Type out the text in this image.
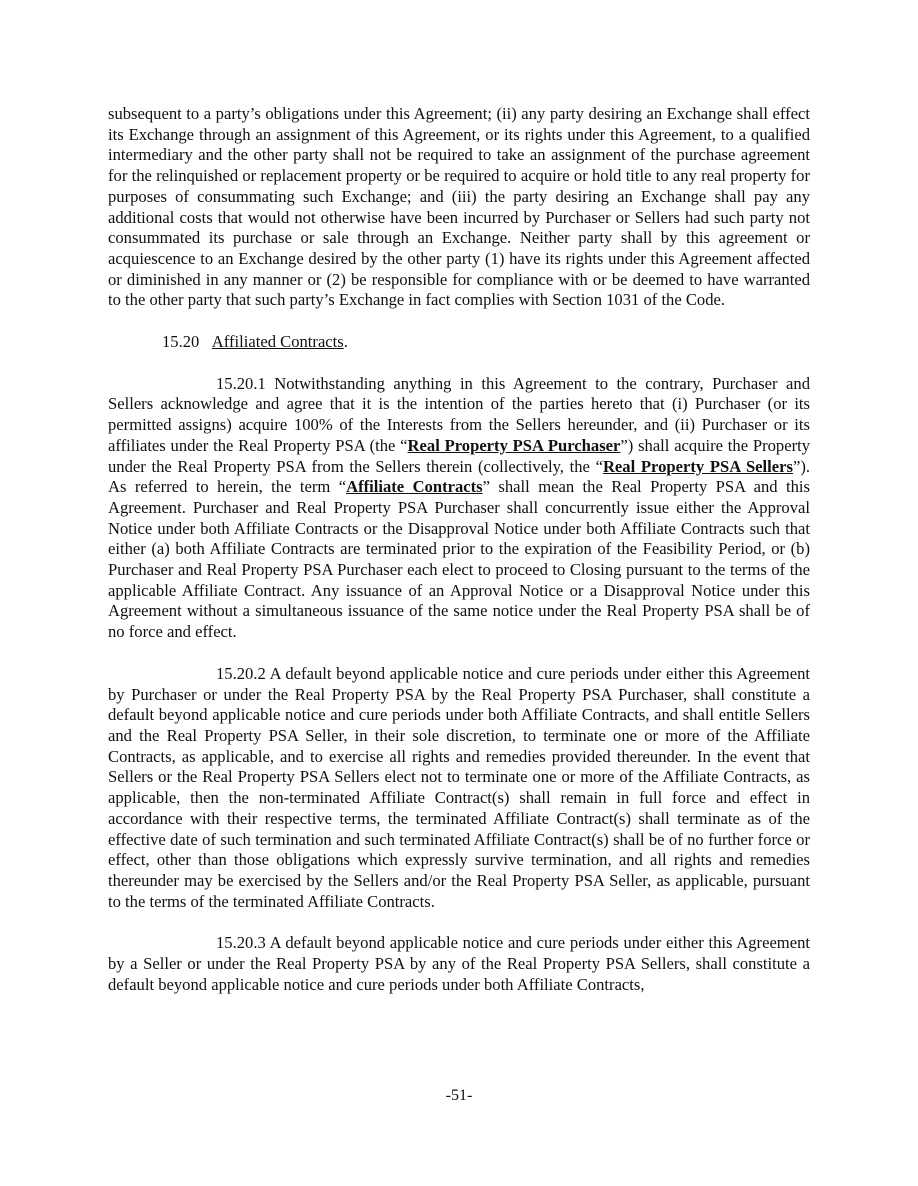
subsequent to a party’s obligations under this Agreement; (ii) any party desiring an Exchange shall effect its Exchange through an assignment of this Agreement, or its rights under this Agreement, to a qualified intermediary and the other party shall not be required to take an assignment of the purchase agreement for the relinquished or replacement property or be required to acquire or hold title to any real property for purposes of consummating such Exchange; and (iii) the party desiring an Exchange shall pay any additional costs that would not otherwise have been incurred by Purchaser or Sellers had such party not consummated its purchase or sale through an Exchange. Neither party shall by this agreement or acquiescence to an Exchange desired by the other party (1) have its rights under this Agreement affected or diminished in any manner or (2) be responsible for compliance with or be deemed to have warranted to the other party that such party’s Exchange in fact complies with Section 1031 of the Code.

15.20 Affiliated Contracts.

15.20.1 Notwithstanding anything in this Agreement to the contrary, Purchaser and Sellers acknowledge and agree that it is the intention of the parties hereto that (i) Purchaser (or its permitted assigns) acquire 100% of the Interests from the Sellers hereunder, and (ii) Purchaser or its affiliates under the Real Property PSA (the “Real Property PSA Purchaser”) shall acquire the Property under the Real Property PSA from the Sellers therein (collectively, the “Real Property PSA Sellers”). As referred to herein, the term “Affiliate Contracts” shall mean the Real Property PSA and this Agreement. Purchaser and Real Property PSA Purchaser shall concurrently issue either the Approval Notice under both Affiliate Contracts or the Disapproval Notice under both Affiliate Contracts such that either (a) both Affiliate Contracts are terminated prior to the expiration of the Feasibility Period, or (b) Purchaser and Real Property PSA Purchaser each elect to proceed to Closing pursuant to the terms of the applicable Affiliate Contract. Any issuance of an Approval Notice or a Disapproval Notice under this Agreement without a simultaneous issuance of the same notice under the Real Property PSA shall be of no force and effect.

15.20.2 A default beyond applicable notice and cure periods under either this Agreement by Purchaser or under the Real Property PSA by the Real Property PSA Purchaser, shall constitute a default beyond applicable notice and cure periods under both Affiliate Contracts, and shall entitle Sellers and the Real Property PSA Seller, in their sole discretion, to terminate one or more of the Affiliate Contracts, as applicable, and to exercise all rights and remedies provided thereunder. In the event that Sellers or the Real Property PSA Sellers elect not to terminate one or more of the Affiliate Contracts, as applicable, then the non-terminated Affiliate Contract(s) shall remain in full force and effect in accordance with their respective terms, the terminated Affiliate Contract(s) shall terminate as of the effective date of such termination and such terminated Affiliate Contract(s) shall be of no further force or effect, other than those obligations which expressly survive termination, and all rights and remedies thereunder may be exercised by the Sellers and/or the Real Property PSA Seller, as applicable, pursuant to the terms of the terminated Affiliate Contracts.

15.20.3 A default beyond applicable notice and cure periods under either this Agreement by a Seller or under the Real Property PSA by any of the Real Property PSA Sellers, shall constitute a default beyond applicable notice and cure periods under both Affiliate Contracts,

-51-
